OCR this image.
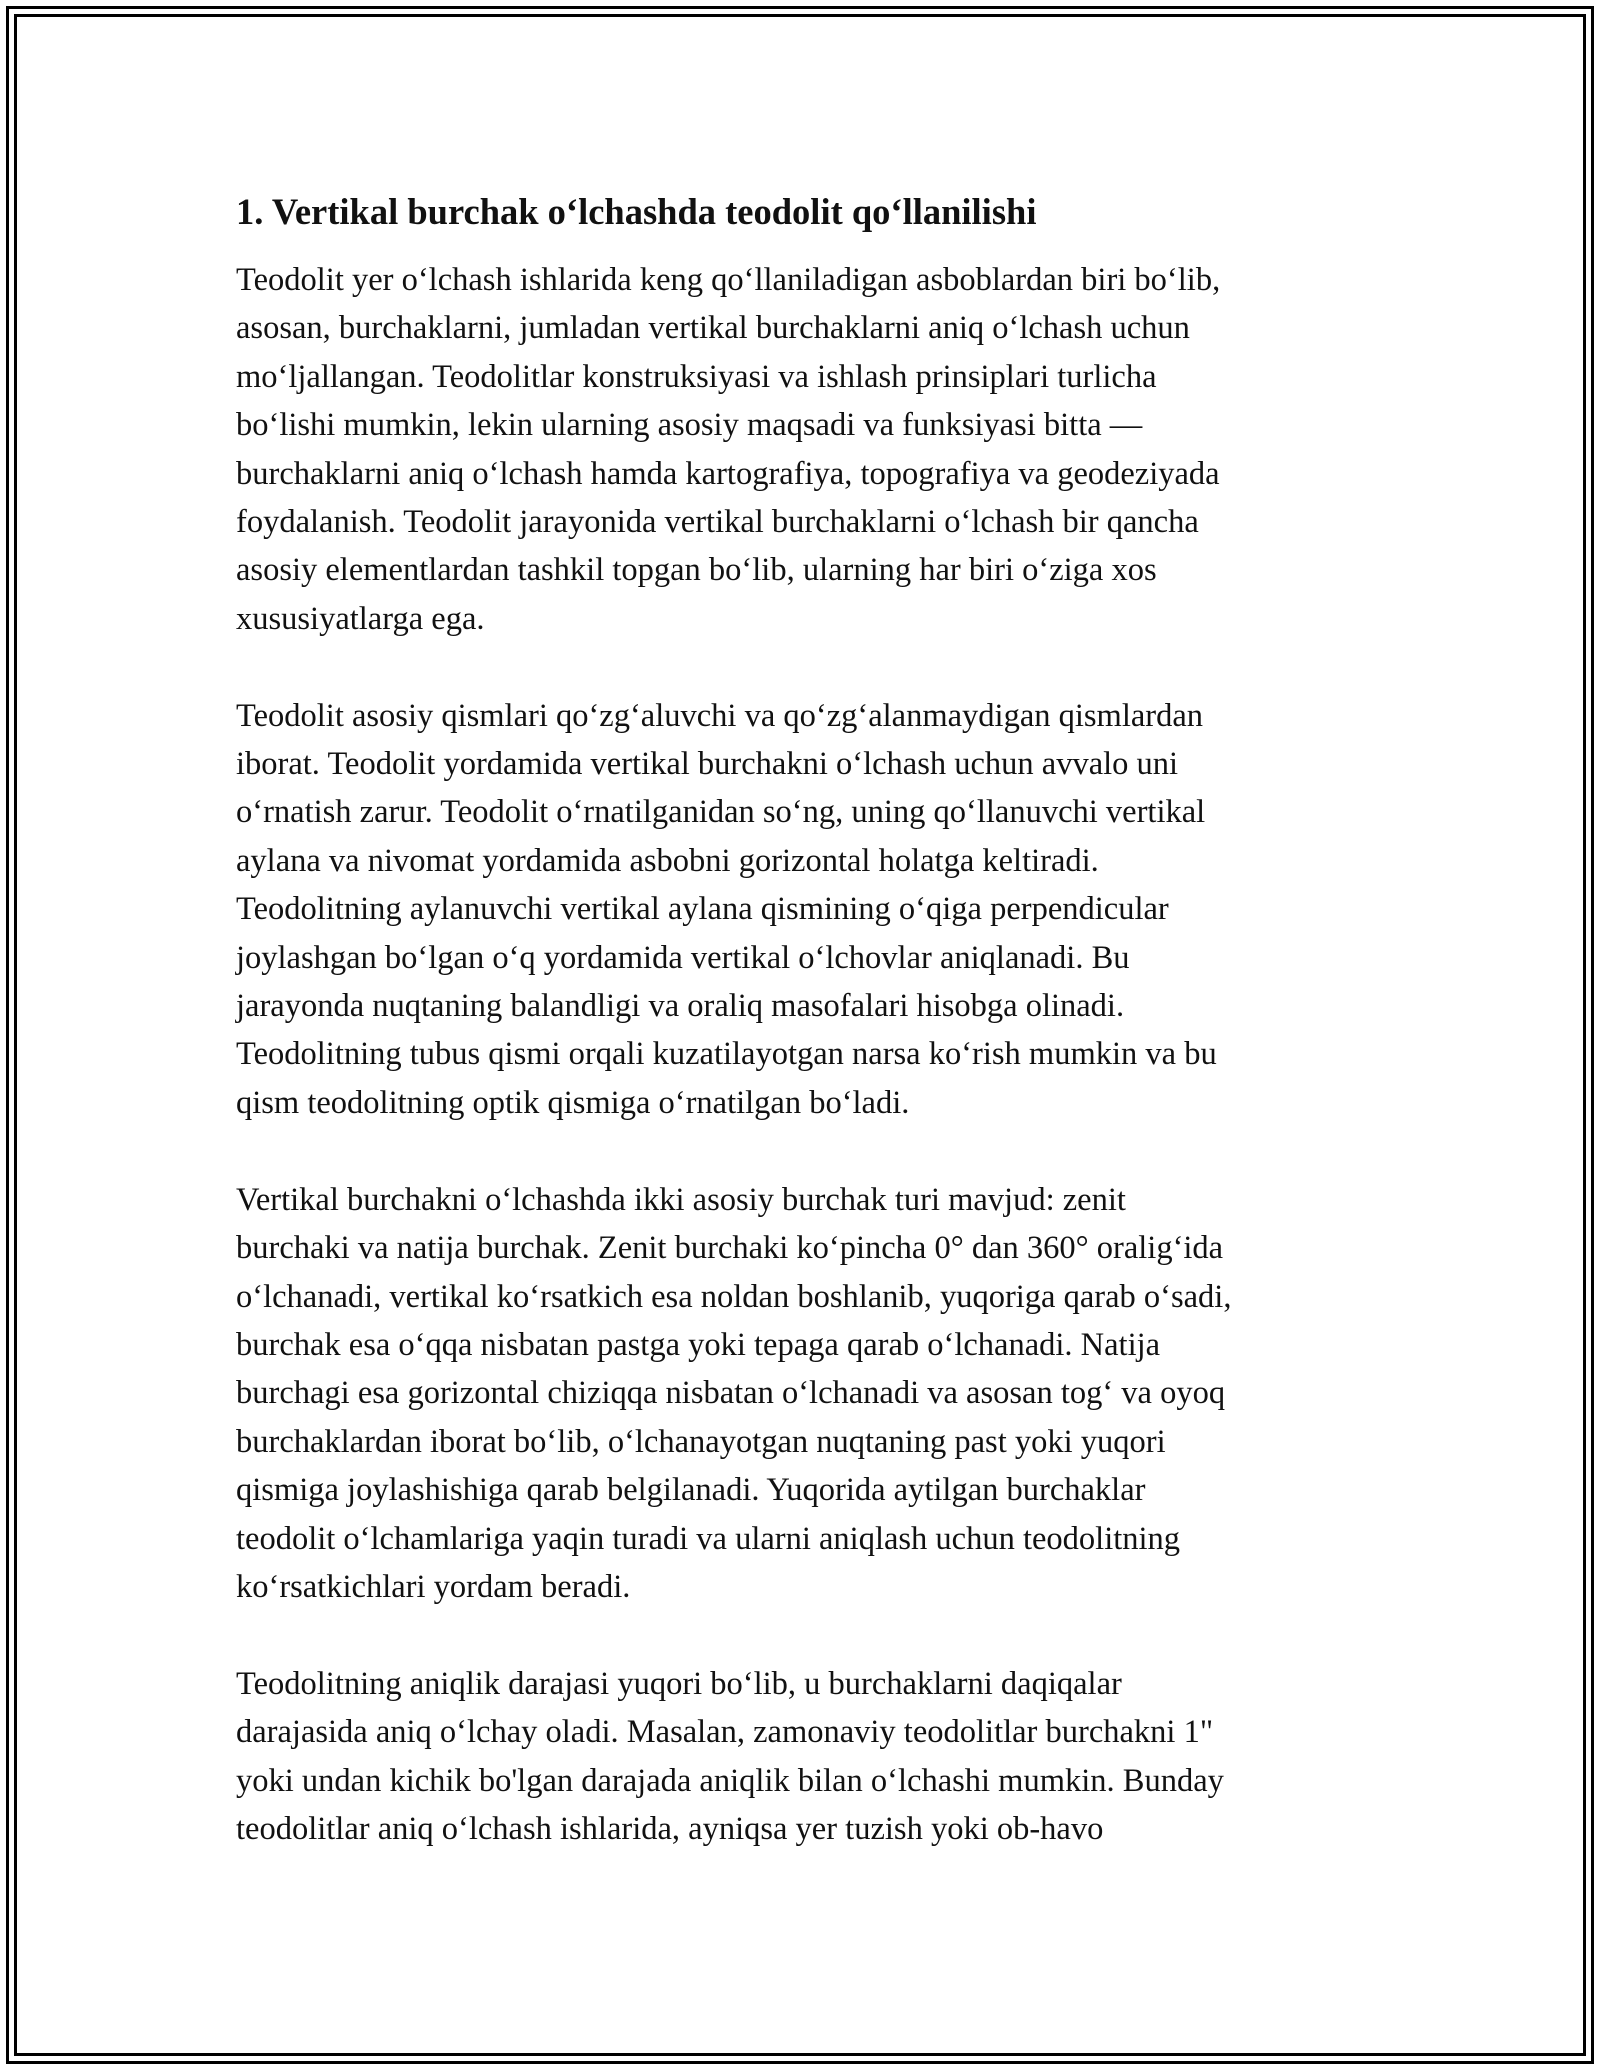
1. Vertikal burchak o‘lchashda teodolit qo‘llanilishi
Teodolit yer o‘lchash ishlarida keng qo‘llaniladigan asboblardan biri bo‘lib,
asosan, burchaklarni, jumladan vertikal burchaklarni aniq o‘lchash uchun
mo‘ljallangan. Teodolitlar konstruksiyasi va ishlash prinsiplari turlicha
bo‘lishi mumkin, lekin ularning asosiy maqsadi va funksiyasi bitta —
burchaklarni aniq o‘lchash hamda kartografiya, topografiya va geodeziyada
foydalanish. Teodolit jarayonida vertikal burchaklarni o‘lchash bir qancha
asosiy elementlardan tashkil topgan bo‘lib, ularning har biri o‘ziga xos
xususiyatlarga ega.
Teodolit asosiy qismlari qo‘zg‘aluvchi va qo‘zg‘alanmaydigan qismlardan
iborat. Teodolit yordamida vertikal burchakni o‘lchash uchun avvalo uni
o‘rnatish zarur. Teodolit o‘rnatilganidan so‘ng, uning qo‘llanuvchi vertikal
aylana va nivomat yordamida asbobni gorizontal holatga keltiradi.
Teodolitning aylanuvchi vertikal aylana qismining o‘qiga perpendicular
joylashgan bo‘lgan o‘q yordamida vertikal o‘lchovlar aniqlanadi. Bu
jarayonda nuqtaning balandligi va oraliq masofalari hisobga olinadi.
Teodolitning tubus qismi orqali kuzatilayotgan narsa ko‘rish mumkin va bu
qism teodolitning optik qismiga o‘rnatilgan bo‘ladi.
Vertikal burchakni o‘lchashda ikki asosiy burchak turi mavjud: zenit
burchaki va natija burchak. Zenit burchaki ko‘pincha 0° dan 360° oralig‘ida
o‘lchanadi, vertikal ko‘rsatkich esa noldan boshlanib, yuqoriga qarab o‘sadi,
burchak esa o‘qqa nisbatan pastga yoki tepaga qarab o‘lchanadi. Natija
burchagi esa gorizontal chiziqqa nisbatan o‘lchanadi va asosan tog‘ va oyoq
burchaklardan iborat bo‘lib, o‘lchanayotgan nuqtaning past yoki yuqori
qismiga joylashishiga qarab belgilanadi. Yuqorida aytilgan burchaklar
teodolit o‘lchamlariga yaqin turadi va ularni aniqlash uchun teodolitning
ko‘rsatkichlari yordam beradi.
Teodolitning aniqlik darajasi yuqori bo‘lib, u burchaklarni daqiqalar
darajasida aniq o‘lchay oladi. Masalan, zamonaviy teodolitlar burchakni 1"
yoki undan kichik bo'lgan darajada aniqlik bilan o‘lchashi mumkin. Bunday
teodolitlar aniq o‘lchash ishlarida, ayniqsa yer tuzish yoki ob-havo
